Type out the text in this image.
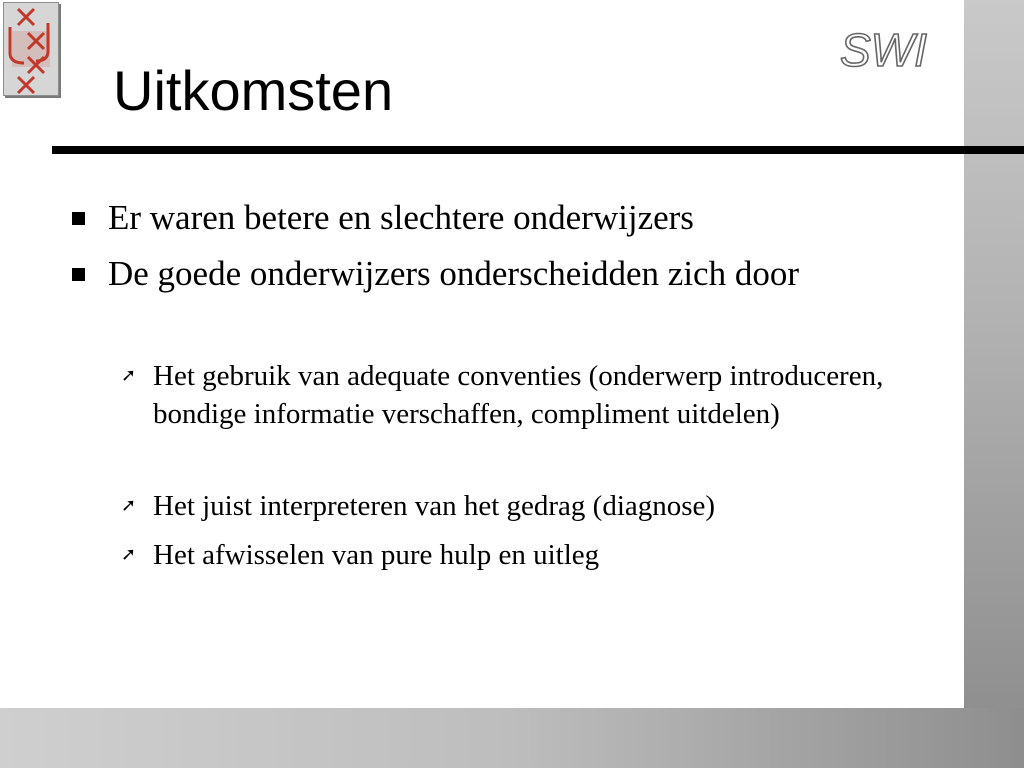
SWI
Uitkomsten
Er waren betere en slechtere onderwijzers
De goede onderwijzers onderscheidden zich door
➚ Het gebruik van adequate conventies (onderwerp introduceren, bondige informatie verschaffen, compliment uitdelen)
➚ Het juist interpreteren van het gedrag (diagnose)
➚ Het afwisselen van pure hulp en uitleg
